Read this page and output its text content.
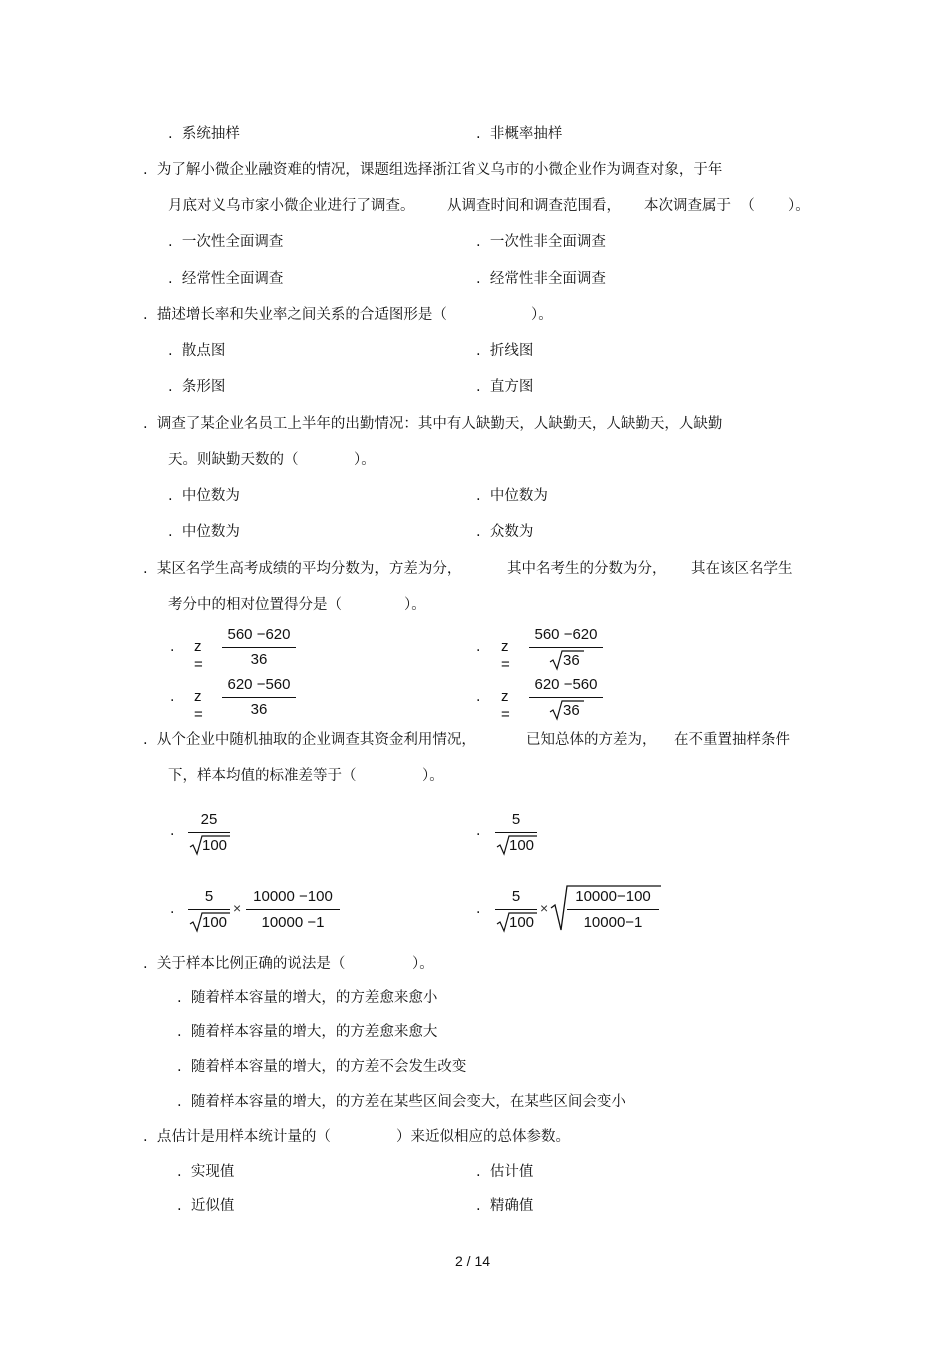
.  系统抽样	.  非概率抽样
.  为了解小微企业融资难的情况，课题组选择浙江省义乌市的小微企业作为调查对象，于年
月底对义乌市家小微企业进行了调查。 从调查时间和调查范围看， 本次调查属于  （ ）。
.  一次性全面调查	.  一次性非全面调查
.  经常性全面调查	.  经常性非全面调查
.  描述增长率和失业率之间关系的合适图形是（	）。
.  散点图	.  折线图
.  条形图	.  直方图
.  调查了某企业名员工上半年的出勤情况：其中有人缺勤天，人缺勤天，人缺勤天，人缺勤
天。则缺勤天数的（	）。
.  中位数为	.  中位数为
.  中位数为	.  众数为
.  某区名学生高考成绩的平均分数为，方差为分，	其中名考生的分数为分， 其在该区名学生
考分中的相对位置得分是（	）。
. z =
560 −620
36
. z =
560 −620
36
. z =
620 −560
36
. z =
620 −560
36
.  从个企业中随机抽取的企业调查其资金利用情况，	已知总体的方差为， 在不重置抽样条件
下，样本均值的标准差等于（	）。
.
25
100
.
5
100
.
5
100
×
10000 −100
10000 −1
.
5
100
×
10000−100
10000−1
.  关于样本比例正确的说法是（	）。
.  随着样本容量的增大，的方差愈来愈小
.  随着样本容量的增大，的方差愈来愈大
.  随着样本容量的增大，的方差不会发生改变
.  随着样本容量的增大，的方差在某些区间会变大，在某些区间会变小
.  点估计是用样本统计量的（	）来近似相应的总体参数。
.  实现值	.  估计值
.  近似值	.  精确值
2 / 14
